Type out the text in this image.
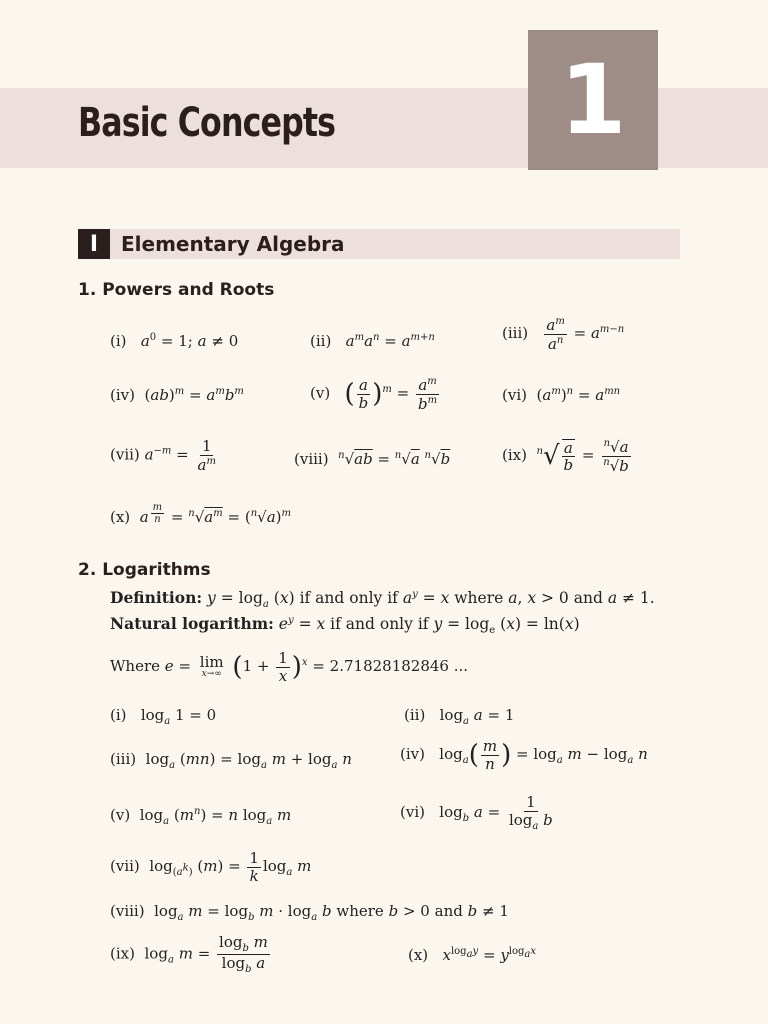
1
Basic Concepts
I	Elementary Algebra
1. Powers and Roots
(i) $a^0 = 1$; a ≠ 0	(ii) $a^ma^n = a^{m+n}$	$(iii) \frac{a^m}{a^n} = a^{m-n}$
(iv)  $(ab)^m = a^mb^m$	(v) ( $\frac{a}{b} )^m = \frac{a^m}{b^m}$	(vi)  $(a^m)^n = a^{mn}$
(vii) $a^{-m} = \frac{1}{a^m}$	(viii) $^n$√ab = $^n$√a $^n$√b	(ix) $^n√ \frac{a}{b} = \frac{^n√a}{^n√b}$
(x) a $^{\frac{m}{n}} = ^n√a^m = (^n√a)^m$
2. Logarithms
Definition: $y = \log_a (x)$ if and only if $a^y = x$ where a, x > 0 and a ≠ 1.
Natural logarithm: $e^y = x$ if and only if $y = \log_e (x) = \ln(x)$
Where e = lim
x→∞ $(1 + \frac{1}{x} )^x = 2.71828182846$ ...
(i)   $\log_a 1 = 0$	(ii)   $\log_a a = 1$
(iii)  $\log_a (mn) = \log_a m + \log_a n$	(iv)   $\log_a( \frac{m}{n}$ ) = $\log_a m - \log_a n$
(v)  $\log_a (m^n) = n$ $\log_a m$	(vi)   $\log_b a = \frac{1}{\log_a b}$
(vii)  $\log_{(a^k)} (m) = \frac{1}{k} \log_a m$
(viii)  $\log_a m = \log_b m \cdot \log_a b$ where b > 0 and b ≠ 1
(ix)  $\log_a m = \frac{\log_b m}{\log_b a}$	(x) $x^{log_ay} = y^{log_ax}$
